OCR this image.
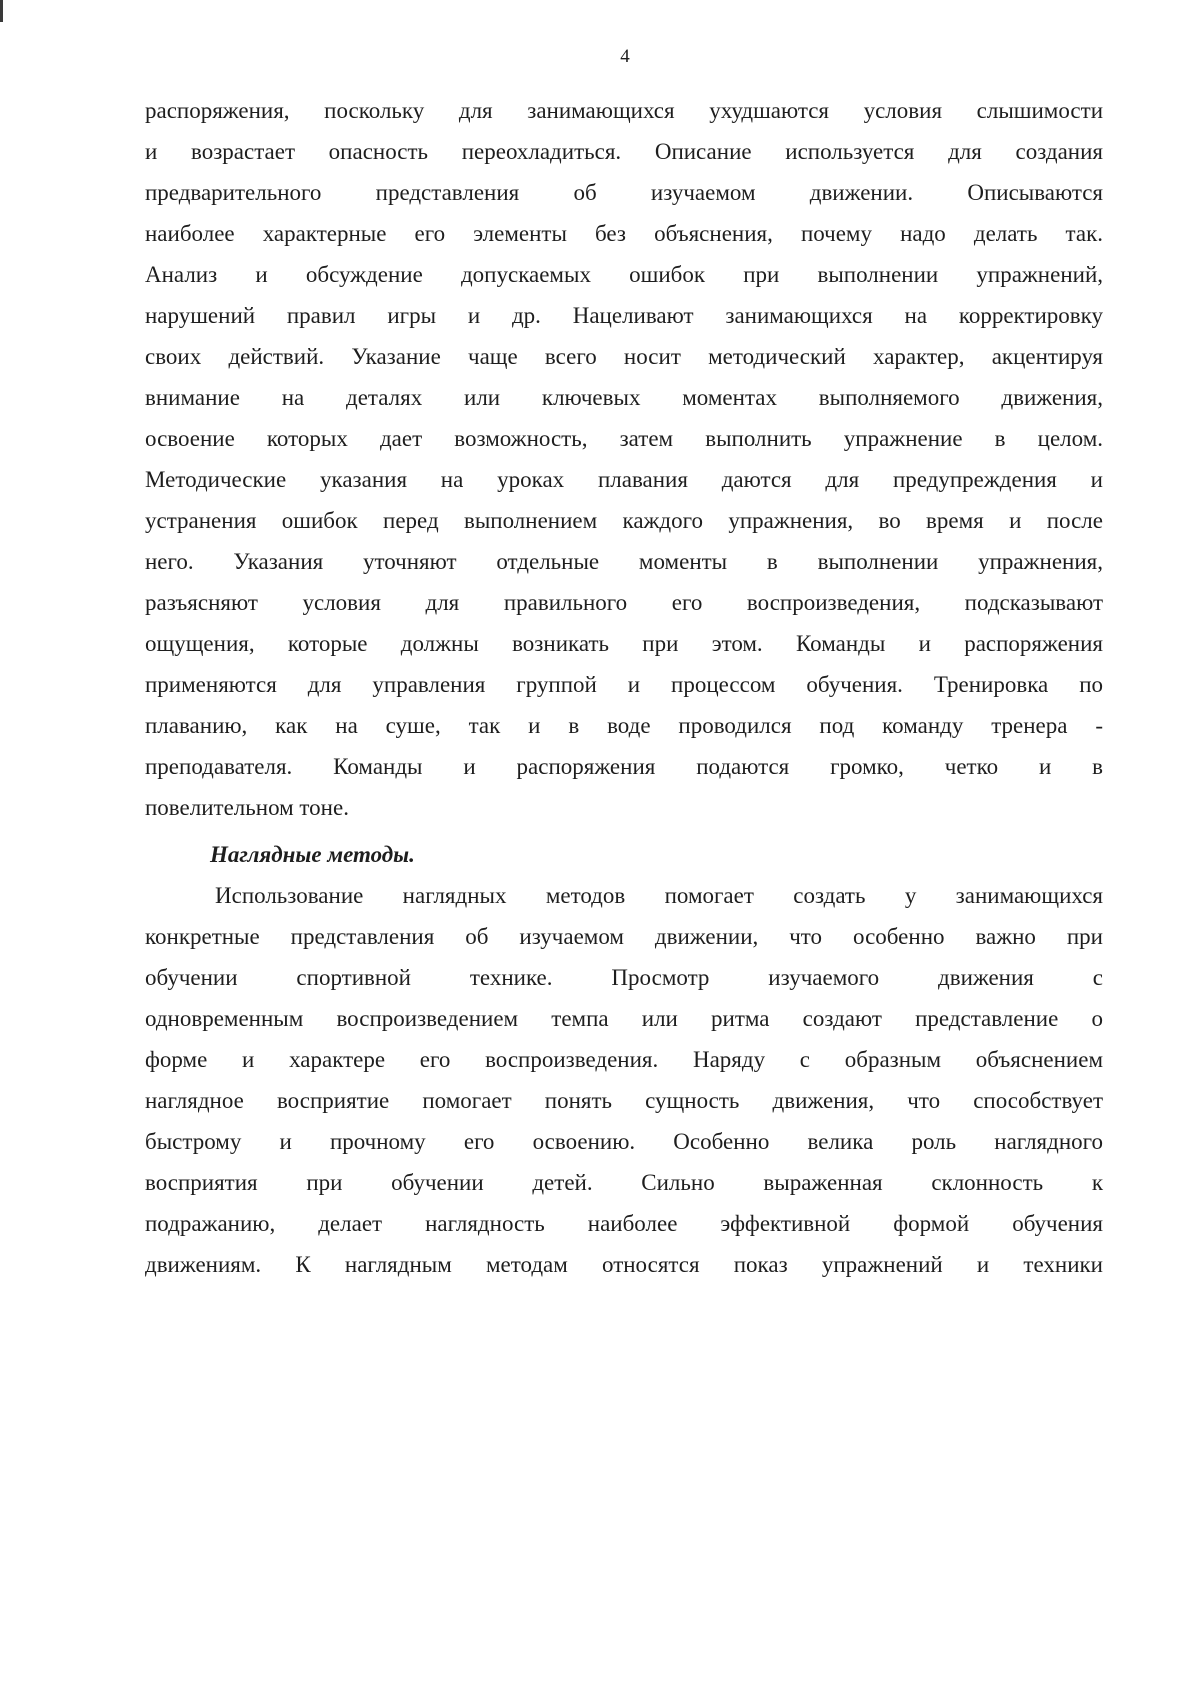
4
распоряжения, поскольку для занимающихся ухудшаются условия слышимости
и возрастает опасность переохладиться. Описание используется для создания
предварительного представления об изучаемом движении. Описываются
наиболее характерные его элементы без объяснения, почему надо делать так.
Анализ и обсуждение допускаемых ошибок при выполнении упражнений,
нарушений правил игры и др. Нацеливают занимающихся на корректировку
своих действий. Указание чаще всего носит методический характер, акцентируя
внимание на деталях или ключевых моментах выполняемого движения,
освоение которых дает возможность, затем выполнить упражнение в целом.
Методические указания на уроках плавания даются для предупреждения и
устранения ошибок перед выполнением каждого упражнения, во время и после
него. Указания уточняют отдельные моменты в выполнении упражнения,
разъясняют условия для правильного его воспроизведения, подсказывают
ощущения, которые должны возникать при этом. Команды и распоряжения
применяются для управления группой и процессом обучения. Тренировка по
плаванию, как на суше, так и в воде проводился под команду тренера -
преподавателя. Команды и распоряжения подаются громко, четко и в
повелительном тоне.
Наглядные методы.
Использование наглядных методов помогает создать у занимающихся
конкретные представления об изучаемом движении, что особенно важно при
обучении спортивной технике. Просмотр изучаемого движения с
одновременным воспроизведением темпа или ритма создают представление о
форме и характере его воспроизведения. Наряду с образным объяснением
наглядное восприятие помогает понять сущность движения, что способствует
быстрому и прочному его освоению. Особенно велика роль наглядного
восприятия при обучении детей. Сильно выраженная склонность к
подражанию, делает наглядность наиболее эффективной формой обучения
движениям. К наглядным методам относятся показ упражнений и техники
